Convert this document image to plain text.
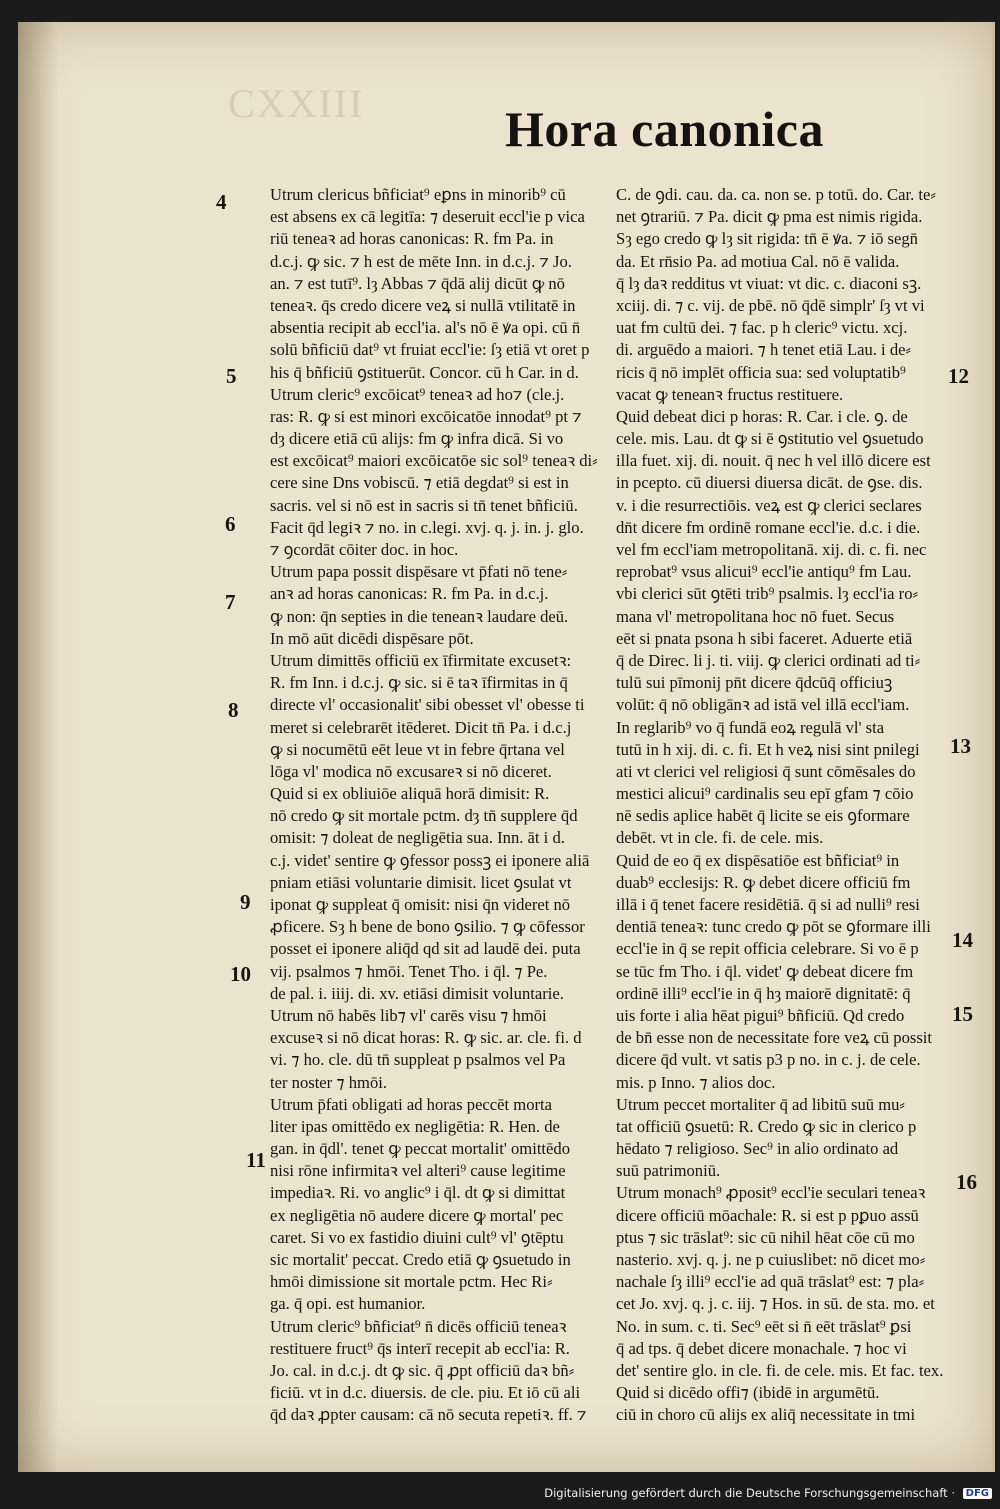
CXXIII	Hora canonica
Utrum clericus bñficiat⁹ eꝑns in minorib⁹ cū
est absens ex cā legitīa: ⁊ deseruit eccl'ie p vica
riū teneaꝛ ad horas canonicas: R. fm Pa. in
d.c.j. ꝙ sic. ⁊ h est de mēte Inn. in d.c.j. ⁊ Jo.
an. ⁊ est tutī⁹. lȝ Abbas ⁊ q̄dā alij dicūt ꝙ nō
teneaꝛ. q̄s credo dicere veꝝ si nullā vtilitatē in
absentia recipit ab eccl'ia. al's nō ē ꝟa opi. cū n̄
solū bñficiū dat⁹ vt fruiat eccl'ie: ſȝ etiā vt oret p
his q̄ bñficiū ꝯstituerūt. Concor. cū h Car. in d.
Utrum cleric⁹ excōicat⁹ teneaꝛ ad ho⁊ (cle.j.
ras: R. ꝙ si est minori excōicatōe innodat⁹ pt ⁊
dȝ dicere etiā cū alijs: fm ꝙ infra dicā. Si vo
est excōicat⁹ maiori excōicatōe sic sol⁹ teneaꝛ di⸗
cere sine Dns vobiscū. ⁊ etiā degdat⁹ si est in
sacris. vel si nō est in sacris si tn̄ tenet bñficiū.
Facit q̄d legiꝛ ⁊ no. in c.legi. xvj. q. j. in. j. glo.
⁊ ꝯcordāt cōiter doc. in hoc.
Utrum papa possit dispēsare vt p̄fati nō tene⸗
anꝛ ad horas canonicas: R. fm Pa. in d.c.j.
ꝙ non: q̄n septies in die teneanꝛ laudare deū.
In mō aūt dicēdi dispēsare pōt.
Utrum dimittēs officiū ex īfirmitate excusetꝛ:
R. fm Inn. i d.c.j. ꝙ sic. si ē taꝛ īfirmitas in q̄
directe vl' occasionalit' sibi obesset vl' obesse ti
meret si celebrarēt itēderet. Dicit tn̄ Pa. i d.c.j
ꝙ si nocumētū eēt leue vt in febre q̄rtana vel
lōga vl' modica nō excusareꝛ si nō diceret.
Quid si ex obliuiōe aliquā horā dimisit: R.
nō credo ꝙ sit mortale pctm. dȝ tn̄ supplere q̄d
omisit: ⁊ doleat de negligētia sua. Inn. āt i d.
c.j. videt' sentire ꝙ ꝯfessor possꝫ ei iponere aliā
pniam etiāsi voluntarie dimisit. licet ꝯsulat vt
iponat ꝙ suppleat q̄ omisit: nisi q̄n videret nō
ꝓficere. Sȝ h bene de bono ꝯsilio. ⁊ ꝙ cōfessor
posset ei iponere aliq̄d qd sit ad laudē dei. puta
vij. psalmos ⁊ hmōi. Tenet Tho. i q̄l. ⁊ Pe.
de pal. i. iiij. di. xv. etiāsi dimisit voluntarie.
Utrum nō habēs lib⁊ vl' carēs visu ⁊ hmōi
excuseꝛ si nō dicat horas: R. ꝙ sic. ar. cle. fi. d
vi. ⁊ ho. cle. dū tn̄ suppleat p psalmos vel Pa
ter noster ⁊ hmōi.
Utrum p̄fati obligati ad horas peccēt morta
liter ipas omittēdo ex negligētia: R. Hen. de
gan. in q̄dl'. tenet ꝙ peccat mortalit' omittēdo
nisi rōne infirmitaꝛ vel alteri⁹ cause legitime
impediaꝛ. Ri. vo anglic⁹ i q̄l. dt ꝙ si dimittat
ex negligētia nō audere dicere ꝙ mortal' pec
caret. Si vo ex fastidio diuini cult⁹ vl' ꝯtēptu
sic mortalit' peccat. Credo etiā ꝙ ꝯsuetudo in
hmōi dimissione sit mortale pctm. Hec Ri⸗
ga. q̄ opi. est humanior.
Utrum cleric⁹ bñficiat⁹ n̄ dicēs officiū teneaꝛ
restituere fruct⁹ q̄s interī recepit ab eccl'ia: R.
Jo. cal. in d.c.j. dt ꝙ sic. q̄ ꝓpt officiū daꝛ bñ⸗
ficiū. vt in d.c. diuersis. de cle. piu. Et iō cū ali
q̄d daꝛ ꝓpter causam: cā nō secuta repetiꝛ. ff. ⁊
C. de ꝯdi. cau. da. ca. non se. p totū. do. Car. te⸗
net ꝯtrariū. ⁊ Pa. dicit ꝙ pma est nimis rigida.
Sȝ ego credo ꝙ lȝ sit rigida: tn̄ ē ꝟa. ⁊ iō segn̄
da. Et rn̄sio Pa. ad motiua Cal. nō ē valida.
q̄ lȝ daꝛ redditus vt viuat: vt dic. c. diaconi sꝫ.
xciij. di. ⁊ c. vij. de pbē. nō q̄dē simplr' ſȝ vt vi
uat fm cultū dei. ⁊ fac. p h cleric⁹ victu. xcj.
di. arguēdo a maiori. ⁊ h tenet etiā Lau. i de⸗
ricis q̄ nō implēt officia sua: sed voluptatib⁹
vacat ꝙ teneanꝛ fructus restituere.
Quid debeat dici p horas: R. Car. i cle. ꝯ. de
cele. mis. Lau. dt ꝙ si ē ꝯstitutio vel ꝯsuetudo
illa fuet. xij. di. nouit. q̄ nec h vel illō dicere est
in pcepto. cū diuersi diuersa dicāt. de ꝯse. dis.
v. i die resurrectiōis. veꝝ est ꝙ clerici seclares
dn̄t dicere fm ordinē romane eccl'ie. d.c. i die.
vel fm eccl'iam metropolitanā. xij. di. c. fi. nec
reprobat⁹ vsus alicui⁹ eccl'ie antiqu⁹ fm Lau.
vbi clerici sūt ꝯtēti trib⁹ psalmis. lȝ eccl'ia ro⸗
mana vl' metropolitana hoc nō fuet. Secus
eēt si pnata psona h sibi faceret. Aduerte etiā
q̄ de Direc. li j. ti. viij. ꝙ clerici ordinati ad ti⸗
tulū sui pīmonij pn̄t dicere q̄dcūq̄ officiuꝫ
volūt: q̄ nō obligānꝛ ad istā vel illā eccl'iam.
In reglarib⁹ vo q̄ fundā eoꝝ regulā vl' sta
tutū in h xij. di. c. fi. Et h veꝝ nisi sint pnilegi
ati vt clerici vel religiosi q̄ sunt cōmēsales do
mestici alicui⁹ cardinalis seu epī gfam ⁊ cōio
nē sedis aplice habēt q̄ licite se eis ꝯformare
debēt. vt in cle. fi. de cele. mis.
Quid de eo q̄ ex dispēsatiōe est bñficiat⁹ in
duab⁹ ecclesijs: R. ꝙ debet dicere officiū fm
illā i q̄ tenet facere residētiā. q̄ si ad nulli⁹ resi
dentiā teneaꝛ: tunc credo ꝙ pōt se ꝯformare illi
eccl'ie in q̄ se repit officia celebrare. Si vo ē p
se tūc fm Tho. i q̄l. videt' ꝙ debeat dicere fm
ordinē illi⁹ eccl'ie in q̄ hȝ maiorē dignitatē: q̄
uis forte i alia hēat pigui⁹ bñficiū. Qd credo
de bn̄ esse non de necessitate fore veꝝ cū possit
dicere q̄d vult. vt satis p3 p no. in c. j. de cele.
mis. p Inno. ⁊ alios doc.
Utrum peccet mortaliter q̄ ad libitū suū mu⸗
tat officiū ꝯsuetū: R. Credo ꝙ sic in clerico p
hēdato ⁊ religioso. Sec⁹ in alio ordinato ad
suū patrimoniū.
Utrum monach⁹ ꝓposit⁹ eccl'ie seculari teneaꝛ
dicere officiū mōachale: R. si est p pꝑuo assū
ptus ⁊ sic trāslat⁹: sic cū nihil hēat cōe cū mo
nasterio. xvj. q. j. ne p cuiuslibet: nō dicet mo⸗
nachale ſȝ illi⁹ eccl'ie ad quā trāslat⁹ est: ⁊ pla⸗
cet Jo. xvj. q. j. c. iij. ⁊ Hos. in sū. de sta. mo. et
No. in sum. c. ti. Sec⁹ eēt si n̄ eēt trāslat⁹ ꝑsi
q̄ ad tps. q̄ debet dicere monachale. ⁊ hoc vi
det' sentire glo. in cle. fi. de cele. mis. Et fac. tex.
Quid si dicēdo offi⁊ (ibidē in argumētū.
ciū in choro cū alijs ex aliq̄ necessitate in tmi
4
5
6
7
8
9
10
11
12
13
14
15
16
Digitalisierung gefördert durch die Deutsche Forschungsgemeinschaft · DFG
